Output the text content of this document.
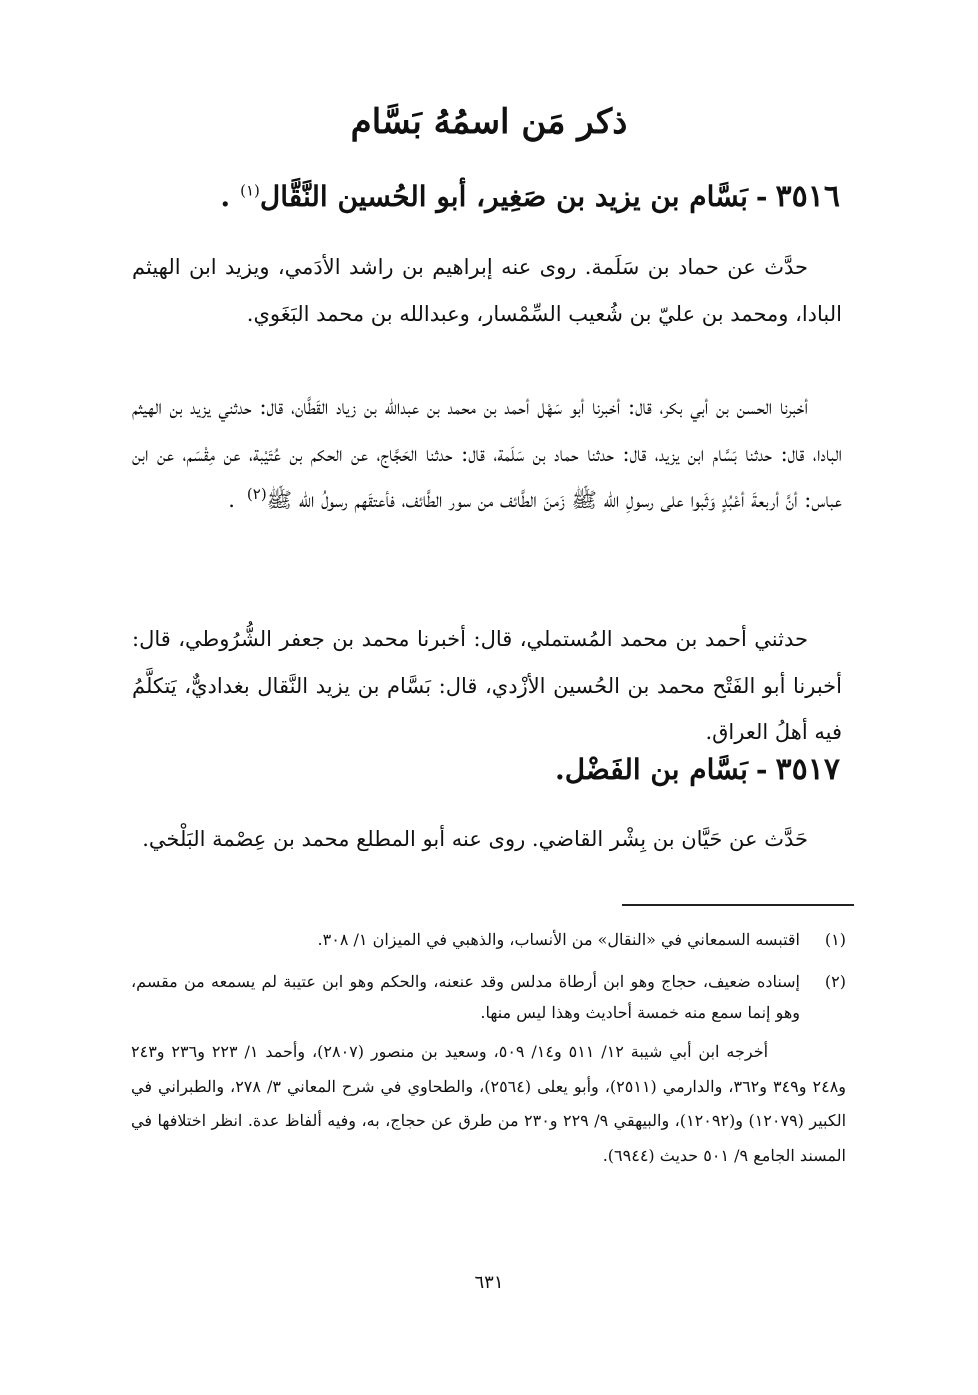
ذكر مَن اسمُهُ بَسَّام
٣٥١٦-بَسَّام بن يزيد بن صَغِير، أبو الحُسين النَّقَّال$^{(١)}$.
حدَّث عن حماد بن سَلَمة. روى عنه إبراهيم بن راشد الأدَمي، ويزيد ابن الهيثم البادا، ومحمد بن عليّ بن شُعيب السِّمْسار، وعبدالله بن محمد البَغَوي.
أخبرنا الحسن بن أبي بكر، قال: أخبرنا أبو سَهْل أحمد بن محمد بن عبدالله بن زياد القَطَّان، قال: حدثني يزيد بن الهيثم البادا، قال: حدثنا بَسَّام ابن يزيد، قال: حدثنا حماد بن سَلَمة، قال: حدثنا الحَجَّاج، عن الحكم بن عُتَيْبة، عن مِقْسَم، عن ابن عباس: أنَّ أربعةَ أعْبُدٍ وَثَبوا على رسولِ الله ﷺ زَمنَ الطَّائف من سور الطَّائف، فأعتقَهم رسولُ الله ﷺ$^{(٢)}$.
حدثني أحمد بن محمد المُستملي، قال: أخبرنا محمد بن جعفر الشُّرُوطي، قال: أخبرنا أبو الفَتْح محمد بن الحُسين الأزْدي، قال: بَسَّام بن يزيد النَّقال بغداديٌّ، يَتكلَّمُ فيه أهلُ العراق.
٣٥١٧-بَسَّام بن الفَضْل.
حَدَّث عن حَيَّان بن بِشْر القاضي. روى عنه أبو المطلع محمد بن عِصْمة البَلْخي.
(١)
اقتبسه السمعاني في «النقال» من الأنساب، والذهبي في الميزان ١/ ٣٠٨.
(٢)
إسناده ضعيف، حجاج وهو ابن أرطاة مدلس وقد عنعنه، والحكم وهو ابن عتيبة لم يسمعه من مقسم، وهو إنما سمع منه خمسة أحاديث وهذا ليس منها.
أخرجه ابن أبي شيبة ١٢/ ٥١١ و١٤/ ٥٠٩، وسعيد بن منصور (٢٨٠٧)، وأحمد ١/ ٢٢٣ و٢٣٦ و٢٤٣ و٢٤٨ و٣٤٩ و٣٦٢، والدارمي (٢٥١١)، وأبو يعلى (٢٥٦٤)، والطحاوي في شرح المعاني ٣/ ٢٧٨، والطبراني في الكبير (١٢٠٧٩) و(١٢٠٩٢)، والبيهقي ٩/ ٢٢٩ و٢٣٠ من طرق عن حجاج، به، وفيه ألفاظ عدة. انظر اختلافها في المسند الجامع ٩/ ٥٠١ حديث (٦٩٤٤).
٦٣١
